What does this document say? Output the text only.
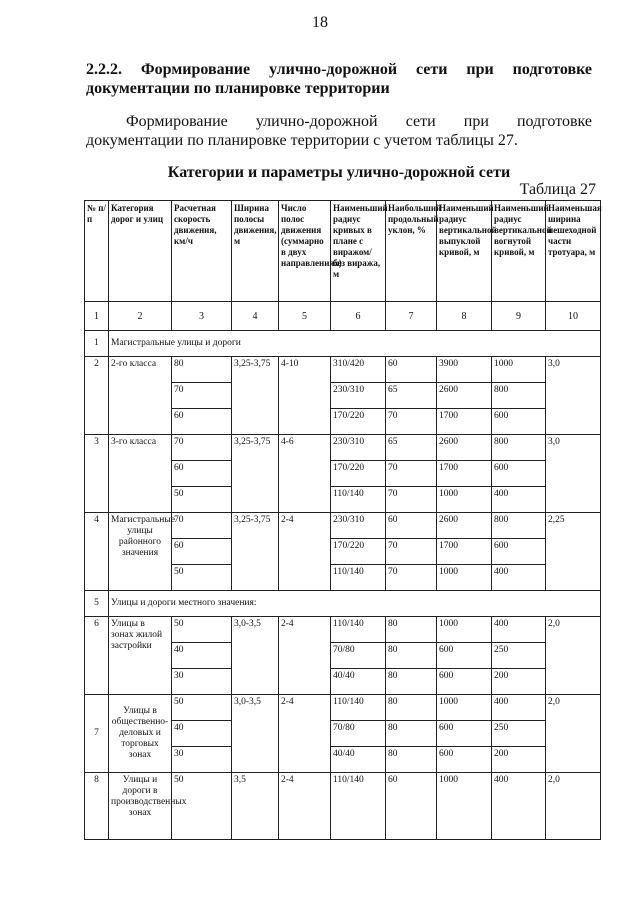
18
2.2.2. Формирование улично-дорожной сети при подготовке документации по планировке территории
Формирование улично-дорожной сети при подготовке документации по планировке территории с учетом таблицы 27.
Категории и параметры улично-дорожной сети
Таблица 27
№ п/п	Категория дорог и улиц	Расчетная скорость движения, км/ч	Ширина полосы движения, м	Число полос движения (суммарно в двух направлениях)	Наименьший радиус кривых в плане с виражом/ без виража, м	Наибольший продольный уклон, %	Наименьший радиус вертикальной выпуклой кривой, м	Наименьший радиус вертикальной вогнутой кривой, м	Наименьшая ширина пешеходной части тротуара, м
1	2	3	4	5	6	7	8	9	10
1	Магистральные улицы и дороги								
2	2-го класса	80	3,25-3,75	4-10	310/420	60	3900	1000	3,0
		70			230/310	65	2600	800	
		60			170/220	70	1700	600	
3	3-го класса	70	3,25-3,75	4-6	230/310	65	2600	800	3,0
		60			170/220	70	1700	600	
		50			110/140	70	1000	400	
4	Магистральные улицы районного значения	70	3,25-3,75	2-4	230/310	60	2600	800	2,25
		60			170/220	70	1700	600	
		50			110/140	70	1000	400	
5	Улицы и дороги местного значения:								
6	Улицы в зонах жилой застройки	50	3,0-3,5	2-4	110/140	80	1000	400	2,0
		40			70/80	80	600	250	
		30			40/40	80	600	200	
7	Улицы в общественно-деловых и торговых зонах	50	3,0-3,5	2-4	110/140	80	1000	400	2,0
		40			70/80	80	600	250	
		30			40/40	80	600	200	
8	Улицы и дороги в производственных зонах	50	3,5	2-4	110/140	60	1000	400	2,0
